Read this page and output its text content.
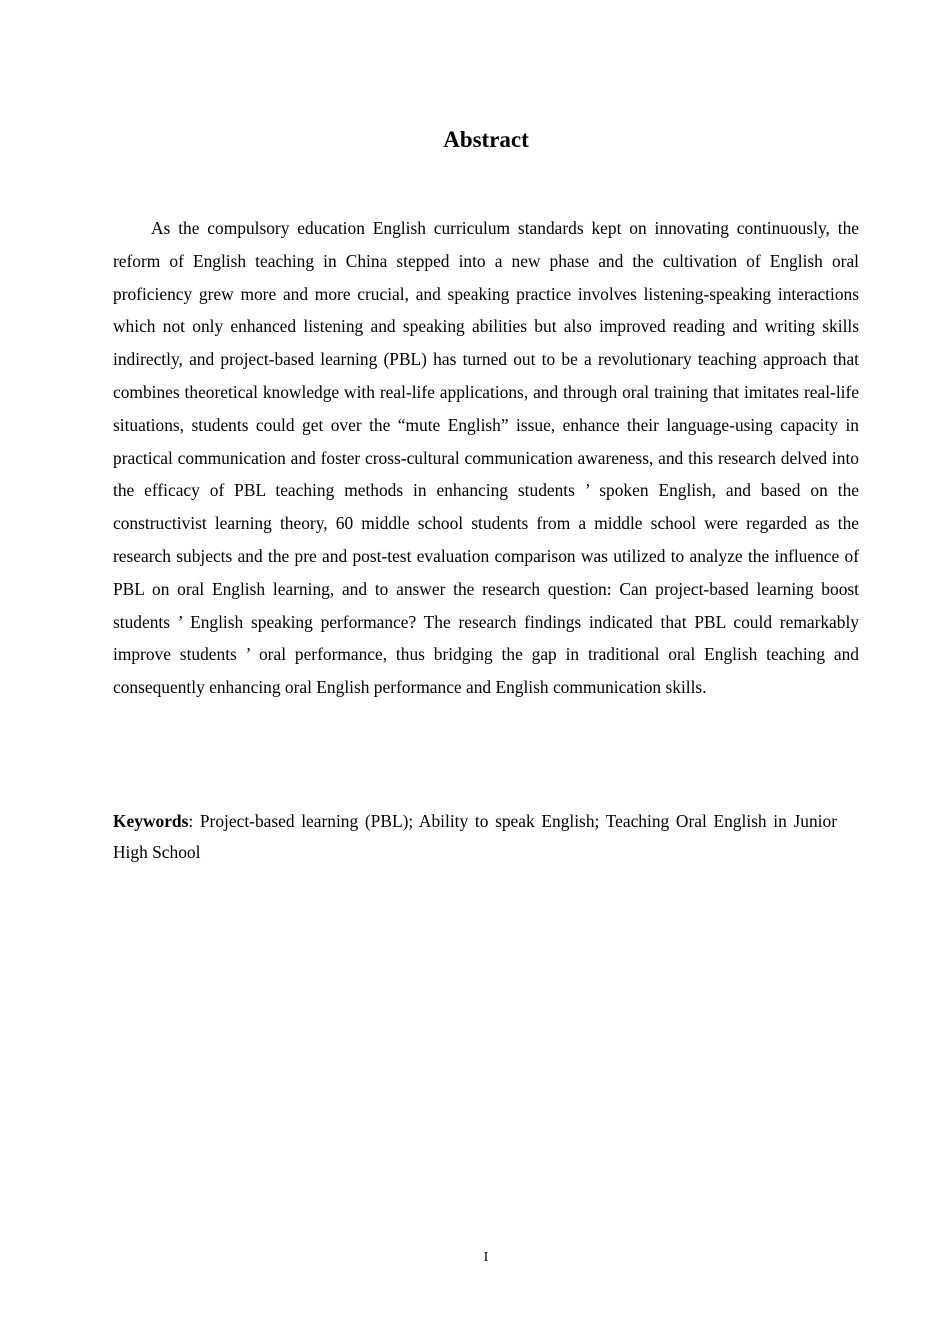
Abstract

As the compulsory education English curriculum standards kept on innovating continuously, the reform of English teaching in China stepped into a new phase and the cultivation of English oral proficiency grew more and more crucial, and speaking practice involves listening-speaking interactions which not only enhanced listening and speaking abilities but also improved reading and writing skills indirectly, and project-based learning (PBL) has turned out to be a revolutionary teaching approach that combines theoretical knowledge with real-life applications, and through oral training that imitates real-life situations, students could get over the “mute English” issue, enhance their language-using capacity in practical communication and foster cross-cultural communication awareness, and this research delved into the efficacy of PBL teaching methods in enhancing students ’ spoken English, and based on the constructivist learning theory, 60 middle school students from a middle school were regarded as the research subjects and the pre and post-test evaluation comparison was utilized to analyze the influence of PBL on oral English learning, and to answer the research question: Can project-based learning boost students ’ English speaking performance? The research findings indicated that PBL could remarkably improve students ’ oral performance, thus bridging the gap in traditional oral English teaching and consequently enhancing oral English performance and English communication skills.

Keywords: Project-based learning (PBL); Ability to speak English; Teaching Oral English in Junior High School

I
